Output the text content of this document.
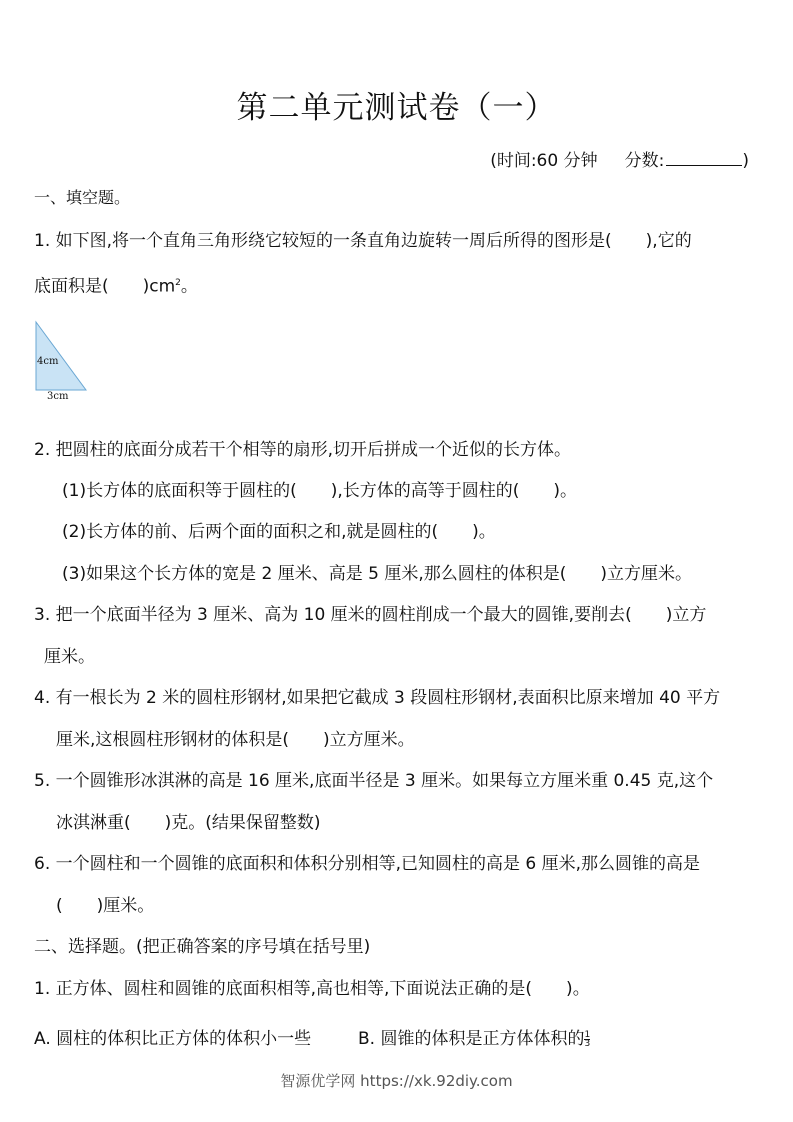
第二单元测试卷（一）
(时间:60 分钟 分数:	)
一、填空题。
1. 如下图,将一个直角三角形绕它较短的一条直角边旋转一周后所得的图形是(　　),它的
底面积是(　　)$cm^2$。
4cm
3cm
2. 把圆柱的底面分成若干个相等的扇形,切开后拼成一个近似的长方体。
(1)长方体的底面积等于圆柱的(　　),长方体的高等于圆柱的(　　)。
(2)长方体的前、后两个面的面积之和,就是圆柱的(　　)。
(3)如果这个长方体的宽是 2 厘米、高是 5 厘米,那么圆柱的体积是(　　)立方厘米。
3. 把一个底面半径为 3 厘米、高为 10 厘米的圆柱削成一个最大的圆锥,要削去(　　)立方
厘米。
4. 有一根长为 2 米的圆柱形钢材,如果把它截成 3 段圆柱形钢材,表面积比原来增加 40 平方
厘米,这根圆柱形钢材的体积是(　　)立方厘米。
5. 一个圆锥形冰淇淋的高是 16 厘米,底面半径是 3 厘米。如果每立方厘米重 0.45 克,这个
冰淇淋重(　　)克。(结果保留整数)
6. 一个圆柱和一个圆锥的底面积和体积分别相等,已知圆柱的高是 6 厘米,那么圆锥的高是
(　　)厘米。
二、选择题。(把正确答案的序号填在括号里)
1. 正方体、圆柱和圆锥的底面积相等,高也相等,下面说法正确的是(　　)。
A. 圆柱的体积比正方体的体积小一些	B. 圆锥的体积是正方体体积的 $\frac{1}{3}$
智源优学网 https://xk.92diy.com
